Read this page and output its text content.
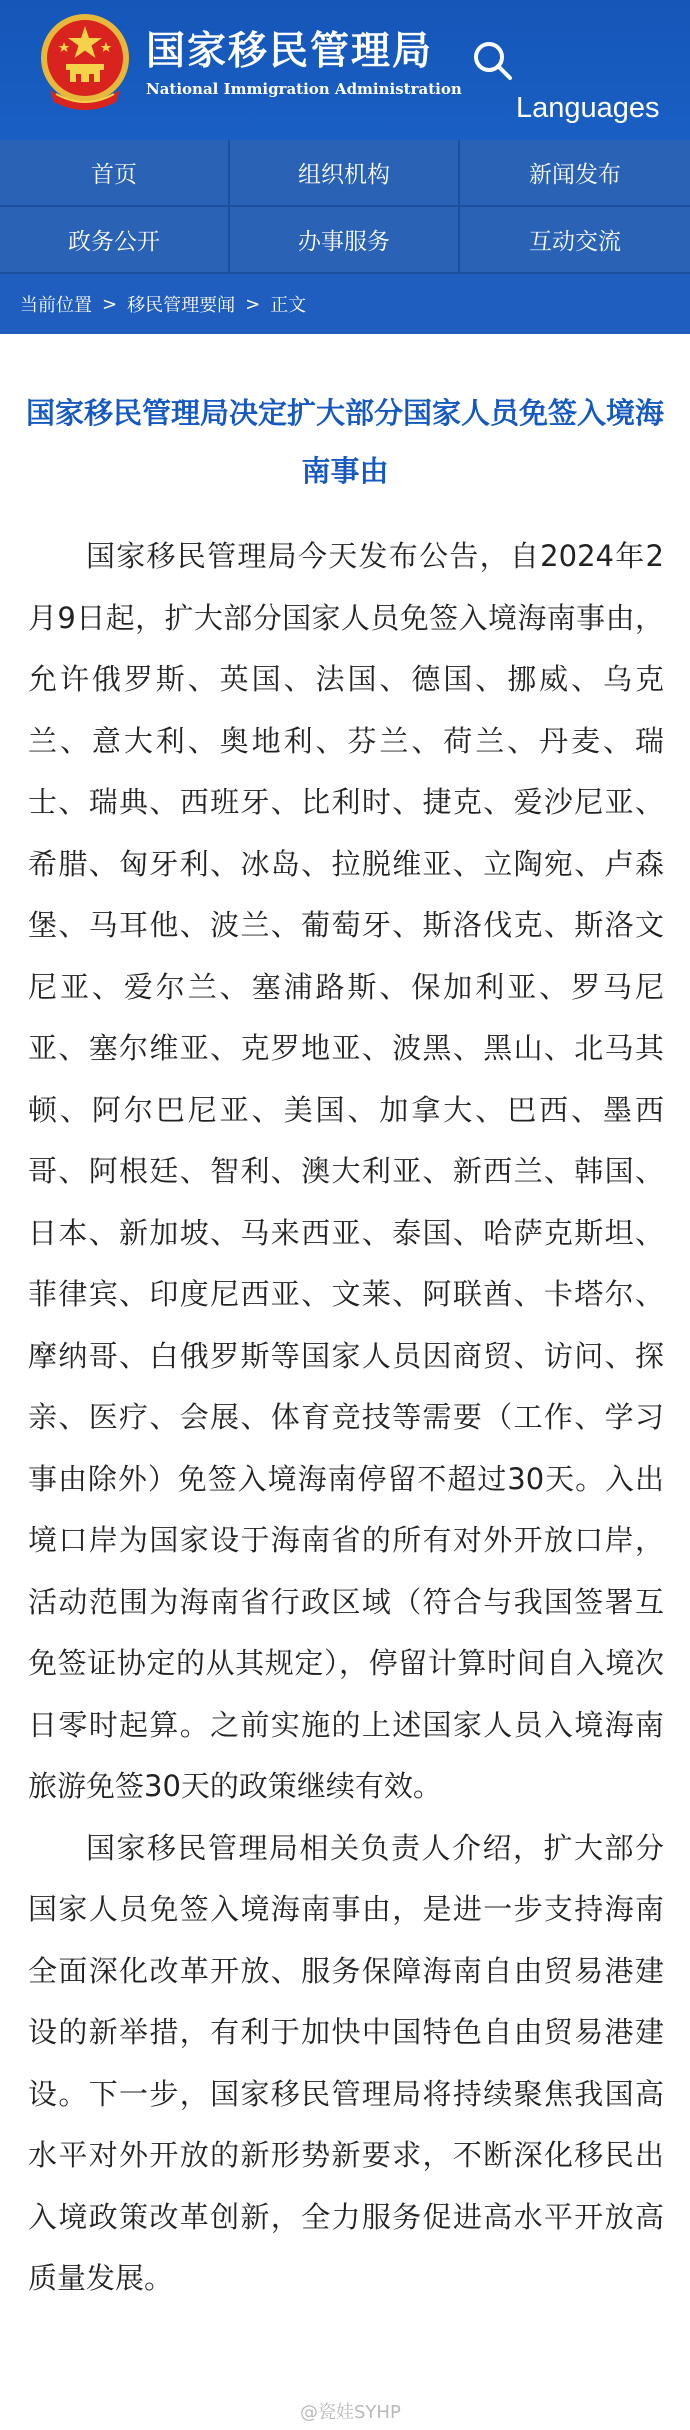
国家移民管理局
National Immigration Administration
Languages
首页	组织机构	新闻发布
政务公开	办事服务	互动交流
当前位置 > 移民管理要闻 > 正文
国家移民管理局决定扩大部分国家人员免签入境海南事由

国家移民管理局今天发布公告，自2024年2月9日起，扩大部分国家人员免签入境海南事由，允许俄罗斯、英国、法国、德国、挪威、乌克兰、意大利、奥地利、芬兰、荷兰、丹麦、瑞士、瑞典、西班牙、比利时、捷克、爱沙尼亚、希腊、匈牙利、冰岛、拉脱维亚、立陶宛、卢森堡、马耳他、波兰、葡萄牙、斯洛伐克、斯洛文尼亚、爱尔兰、塞浦路斯、保加利亚、罗马尼亚、塞尔维亚、克罗地亚、波黑、黑山、北马其顿、阿尔巴尼亚、美国、加拿大、巴西、墨西哥、阿根廷、智利、澳大利亚、新西兰、韩国、日本、新加坡、马来西亚、泰国、哈萨克斯坦、菲律宾、印度尼西亚、文莱、阿联酋、卡塔尔、摩纳哥、白俄罗斯等国家人员因商贸、访问、探亲、医疗、会展、体育竞技等需要（工作、学习事由除外）免签入境海南停留不超过30天。入出境口岸为国家设于海南省的所有对外开放口岸，活动范围为海南省行政区域（符合与我国签署互免签证协定的从其规定），停留计算时间自入境次日零时起算。之前实施的上述国家人员入境海南旅游免签30天的政策继续有效。

国家移民管理局相关负责人介绍，扩大部分国家人员免签入境海南事由，是进一步支持海南全面深化改革开放、服务保障海南自由贸易港建设的新举措，有利于加快中国特色自由贸易港建设。下一步，国家移民管理局将持续聚焦我国高水平对外开放的新形势新要求，不断深化移民出入境政策改革创新，全力服务促进高水平开放高质量发展。

@瓷娃SYHP
